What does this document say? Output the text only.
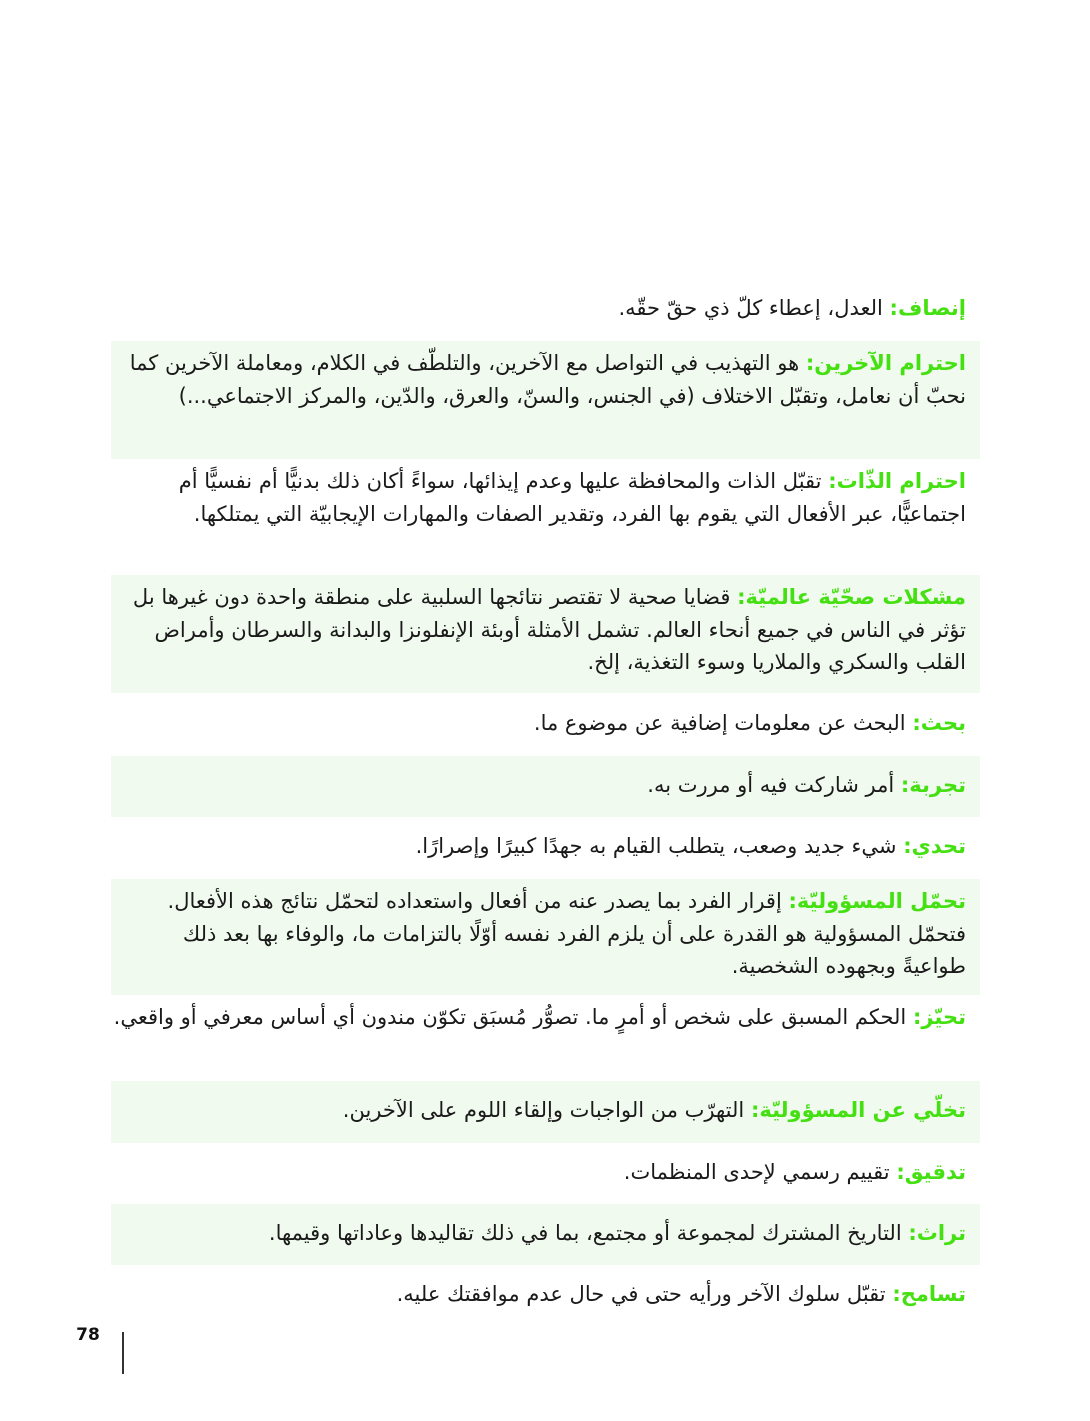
إنصاف: العدل، إعطاء كلّ ذي حقّ حقّه.
احترام الآخرين: هو التهذيب في التواصل مع الآخرين، والتلطّف في الكلام، ومعاملة الآخرين كما نحبّ أن نعامل، وتقبّل الاختلاف (في الجنس، والسنّ، والعرق، والدّين، والمركز الاجتماعي...)
احترام الذّات: تقبّل الذات والمحافظة عليها وعدم إيذائها، سواءً أكان ذلك بدنيًّا أم نفسيًّا أم اجتماعيًّا، عبر الأفعال التي يقوم بها الفرد، وتقدير الصفات والمهارات الإيجابيّة التي يمتلكها.
مشكلات صحّيّة عالميّة: قضايا صحية لا تقتصر نتائجها السلبية على منطقة واحدة دون غيرها بل تؤثر في الناس في جميع أنحاء العالم. تشمل الأمثلة أوبئة الإنفلونزا والبدانة والسرطان وأمراض القلب والسكري والملاريا وسوء التغذية، إلخ.
بحث: البحث عن معلومات إضافية عن موضوع ما.
تجربة: أمر شاركت فيه أو مررت به.
تحدي: شيء جديد وصعب، يتطلب القيام به جهدًا كبيرًا وإصرارًا.
تحمّل المسؤوليّة: إقرار الفرد بما يصدر عنه من أفعال واستعداده لتحمّل نتائج هذه الأفعال. فتحمّل المسؤولية هو القدرة على أن يلزم الفرد نفسه أوّلًا بالتزامات ما، والوفاء بها بعد ذلك طواعيةً وبجهوده الشخصية.
تحيّز: الحكم المسبق على شخص أو أمرٍ ما. تصوُّر مُسبَق تكوّن مندون أي أساس معرفي أو واقعي.
تخلّي عن المسؤوليّة: التهرّب من الواجبات وإلقاء اللوم على الآخرين.
تدقيق: تقييم رسمي لإحدى المنظمات.
تراث: التاريخ المشترك لمجموعة أو مجتمع، بما في ذلك تقاليدها وعاداتها وقيمها.
تسامح: تقبّل سلوك الآخر ورأيه حتى في حال عدم موافقتك عليه.
78
